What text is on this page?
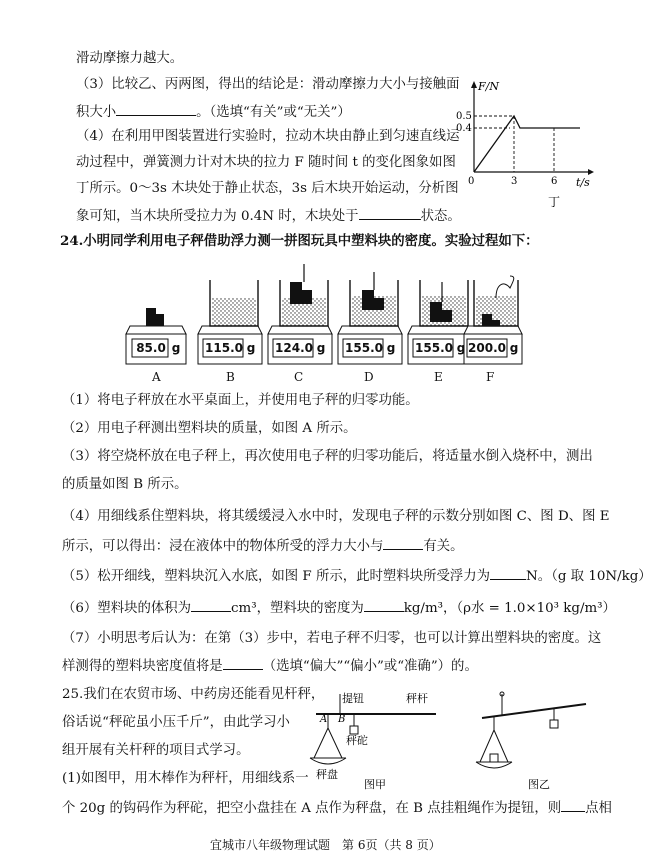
滑动摩擦力越大。
（3）比较乙、丙两图，得出的结论是：滑动摩擦力大小与接触面
积大小	。（选填“有关”或“无关”）
（4）在利用甲图装置进行实验时，拉动木块由静止到匀速直线运
动过程中，弹簧测力计对木块的拉力 F 随时间 t 的变化图象如图
丁所示。0～3s 木块处于静止状态，3s 后木块开始运动，分析图
象可知，当木块所受拉力为 0.4N 时，木块处于	状态。
F/N
0.5
0.4
0	3	6 t/s
丁
24.小明同学利用电子秤借助浮力测一拼图玩具中塑料块的密度。实验过程如下：
85.0 g 115.0 g 124.0 g 155.0 g 155.0 g 200.0 g
A	B	C	D	E	F
（1）将电子秤放在水平桌面上，并使用电子秤的归零功能。
（2）用电子秤测出塑料块的质量，如图 A 所示。
（3）将空烧杯放在电子秤上，再次使用电子秤的归零功能后，将适量水倒入烧杯中，测出
的质量如图 B 所示。
（4）用细线系住塑料块，将其缓缓浸入水中时，发现电子秤的示数分别如图 C、图 D、图 E
所示，可以得出：浸在液体中的物体所受的浮力大小与	有关。
（5）松开细线，塑料块沉入水底，如图 F 所示，此时塑料块所受浮力为	N。（g 取 10N/kg）
（6）塑料块的体积为	cm³，塑料块的密度为	kg/m³，（ρ水 = 1.0×10³ kg/m³）
（7）小明思考后认为：在第（3）步中，若电子秤不归零，也可以计算出塑料块的密度。这
样测得的塑料块密度值将是	（选填“偏大”“偏小”或“准确”）的。
25.我们在农贸市场、中药房还能看见杆秤，
俗话说“秤砣虽小压千斤”，由此学习小
组开展有关杆秤的项目式学习。
(1)如图甲，用木棒作为秤杆，用细线系一
个 20g 的钩码作为秤砣，把空小盘挂在 A 点作为秤盘，在 B 点挂粗绳作为提钮，则 点相
A B
提钮	秤杆
秤砣
秤盘
图甲	图乙
宜城市八年级物理试题　第 6页（共 8 页）
